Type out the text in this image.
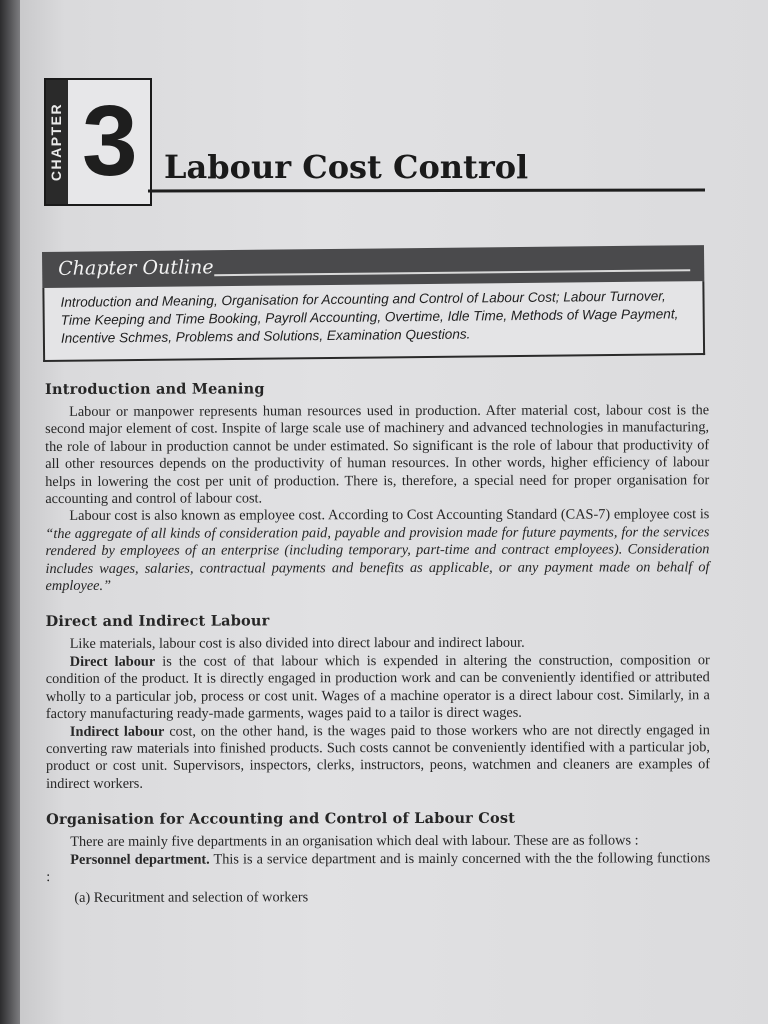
CHAPTER 3 Labour Cost Control
Chapter Outline

Introduction and Meaning, Organisation for Accounting and Control of Labour Cost; Labour Turnover, Time Keeping and Time Booking, Payroll Accounting, Overtime, Idle Time, Methods of Wage Payment, Incentive Schmes, Problems and Solutions, Examination Questions.

Introduction and Meaning

Labour or manpower represents human resources used in production. After material cost, labour cost is the second major element of cost. Inspite of large scale use of machinery and advanced technologies in manufacturing, the role of labour in production cannot be under estimated. So significant is the role of labour that productivity of all other resources depends on the productivity of human resources. In other words, higher efficiency of labour helps in lowering the cost per unit of production. There is, therefore, a special need for proper organisation for accounting and control of labour cost.

Labour cost is also known as employee cost. According to Cost Accounting Standard (CAS-7) employee cost is “the aggregate of all kinds of consideration paid, payable and provision made for future payments, for the services rendered by employees of an enterprise (including temporary, part-time and contract employees). Consideration includes wages, salaries, contractual payments and benefits as applicable, or any payment made on behalf of employee.”

Direct and Indirect Labour

Like materials, labour cost is also divided into direct labour and indirect labour.

Direct labour is the cost of that labour which is expended in altering the construction, composition or condition of the product. It is directly engaged in production work and can be conveniently identified or attributed wholly to a particular job, process or cost unit. Wages of a machine operator is a direct labour cost. Similarly, in a factory manufacturing ready-made garments, wages paid to a tailor is direct wages.

Indirect labour cost, on the other hand, is the wages paid to those workers who are not directly engaged in converting raw materials into finished products. Such costs cannot be conveniently identified with a particular job, product or cost unit. Supervisors, inspectors, clerks, instructors, peons, watchmen and cleaners are examples of indirect workers.

Organisation for Accounting and Control of Labour Cost

There are mainly five departments in an organisation which deal with labour. These are as follows :

Personnel department. This is a service department and is mainly concerned with the the following functions :

(a) Recuritment and selection of workers
